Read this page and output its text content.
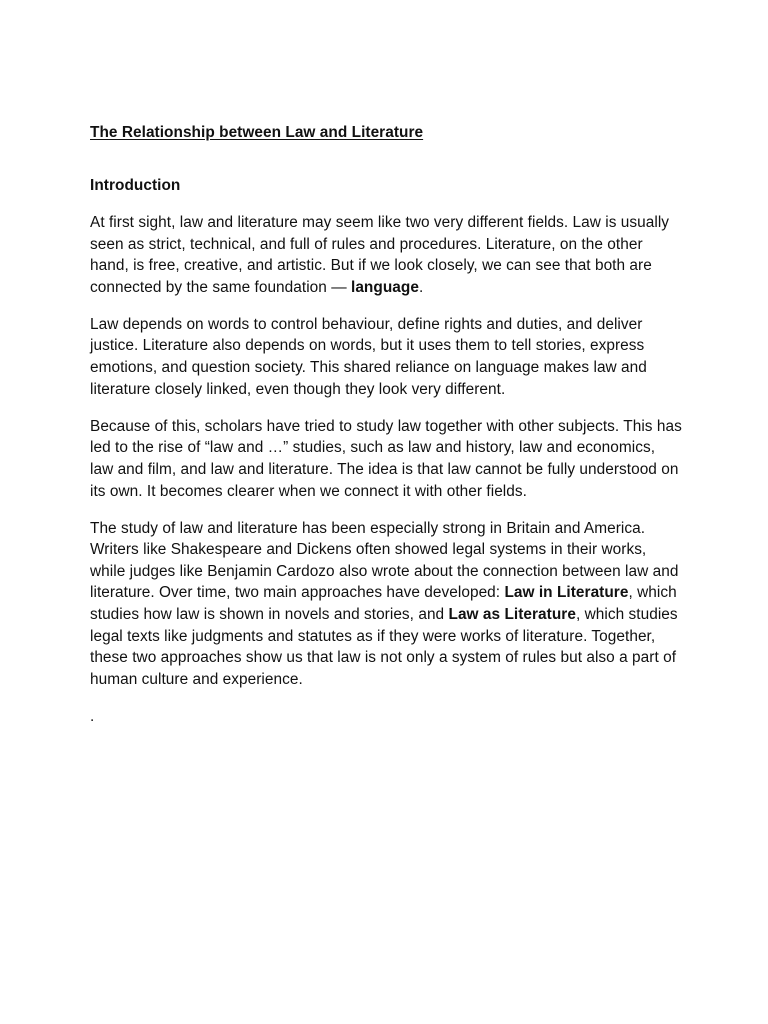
The Relationship between Law and Literature
Introduction

At first sight, law and literature may seem like two very different fields. Law is usually seen as strict, technical, and full of rules and procedures. Literature, on the other hand, is free, creative, and artistic. But if we look closely, we can see that both are connected by the same foundation — language.

Law depends on words to control behaviour, define rights and duties, and deliver justice. Literature also depends on words, but it uses them to tell stories, express emotions, and question society. This shared reliance on language makes law and literature closely linked, even though they look very different.

Because of this, scholars have tried to study law together with other subjects. This has led to the rise of “law and …” studies, such as law and history, law and economics, law and film, and law and literature. The idea is that law cannot be fully understood on its own. It becomes clearer when we connect it with other fields.

The study of law and literature has been especially strong in Britain and America. Writers like Shakespeare and Dickens often showed legal systems in their works, while judges like Benjamin Cardozo also wrote about the connection between law and literature. Over time, two main approaches have developed: Law in Literature, which studies how law is shown in novels and stories, and Law as Literature, which studies legal texts like judgments and statutes as if they were works of literature. Together, these two approaches show us that law is not only a system of rules but also a part of human culture and experience.

.
